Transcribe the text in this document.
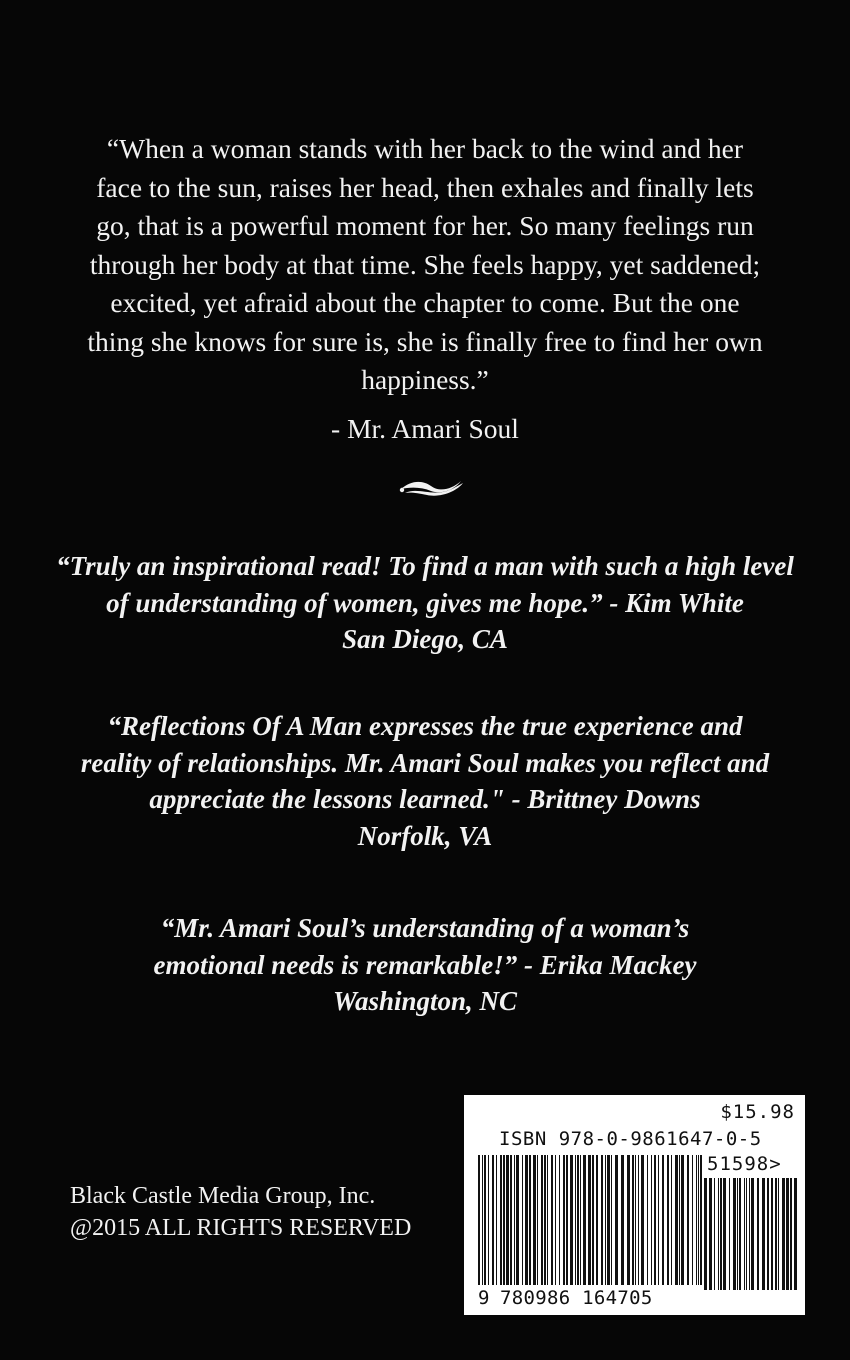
“When a woman stands with her back to the wind and her

face to the sun, raises her head, then exhales and finally lets

go, that is a powerful moment for her. So many feelings run

through her body at that time. She feels happy, yet saddened;

excited, yet afraid about the chapter to come. But the one

thing she knows for sure is, she is finally free to find her own

happiness.”

- Mr. Amari Soul

“Truly an inspirational read! To find a man with such a high level
of understanding of women, gives me hope.” - Kim White
San Diego, CA
“Reflections Of A Man expresses the true experience and
reality of relationships. Mr. Amari Soul makes you reflect and
appreciate the lessons learned." - Brittney Downs
Norfolk, VA
“Mr. Amari Soul’s understanding of a woman’s
emotional needs is remarkable!” - Erika Mackey
Washington, NC
Black Castle Media Group, Inc.
@2015 ALL RIGHTS RESERVED
$15.98
ISBN 978-0-9861647-0-5
51598>
9 780986 164705
